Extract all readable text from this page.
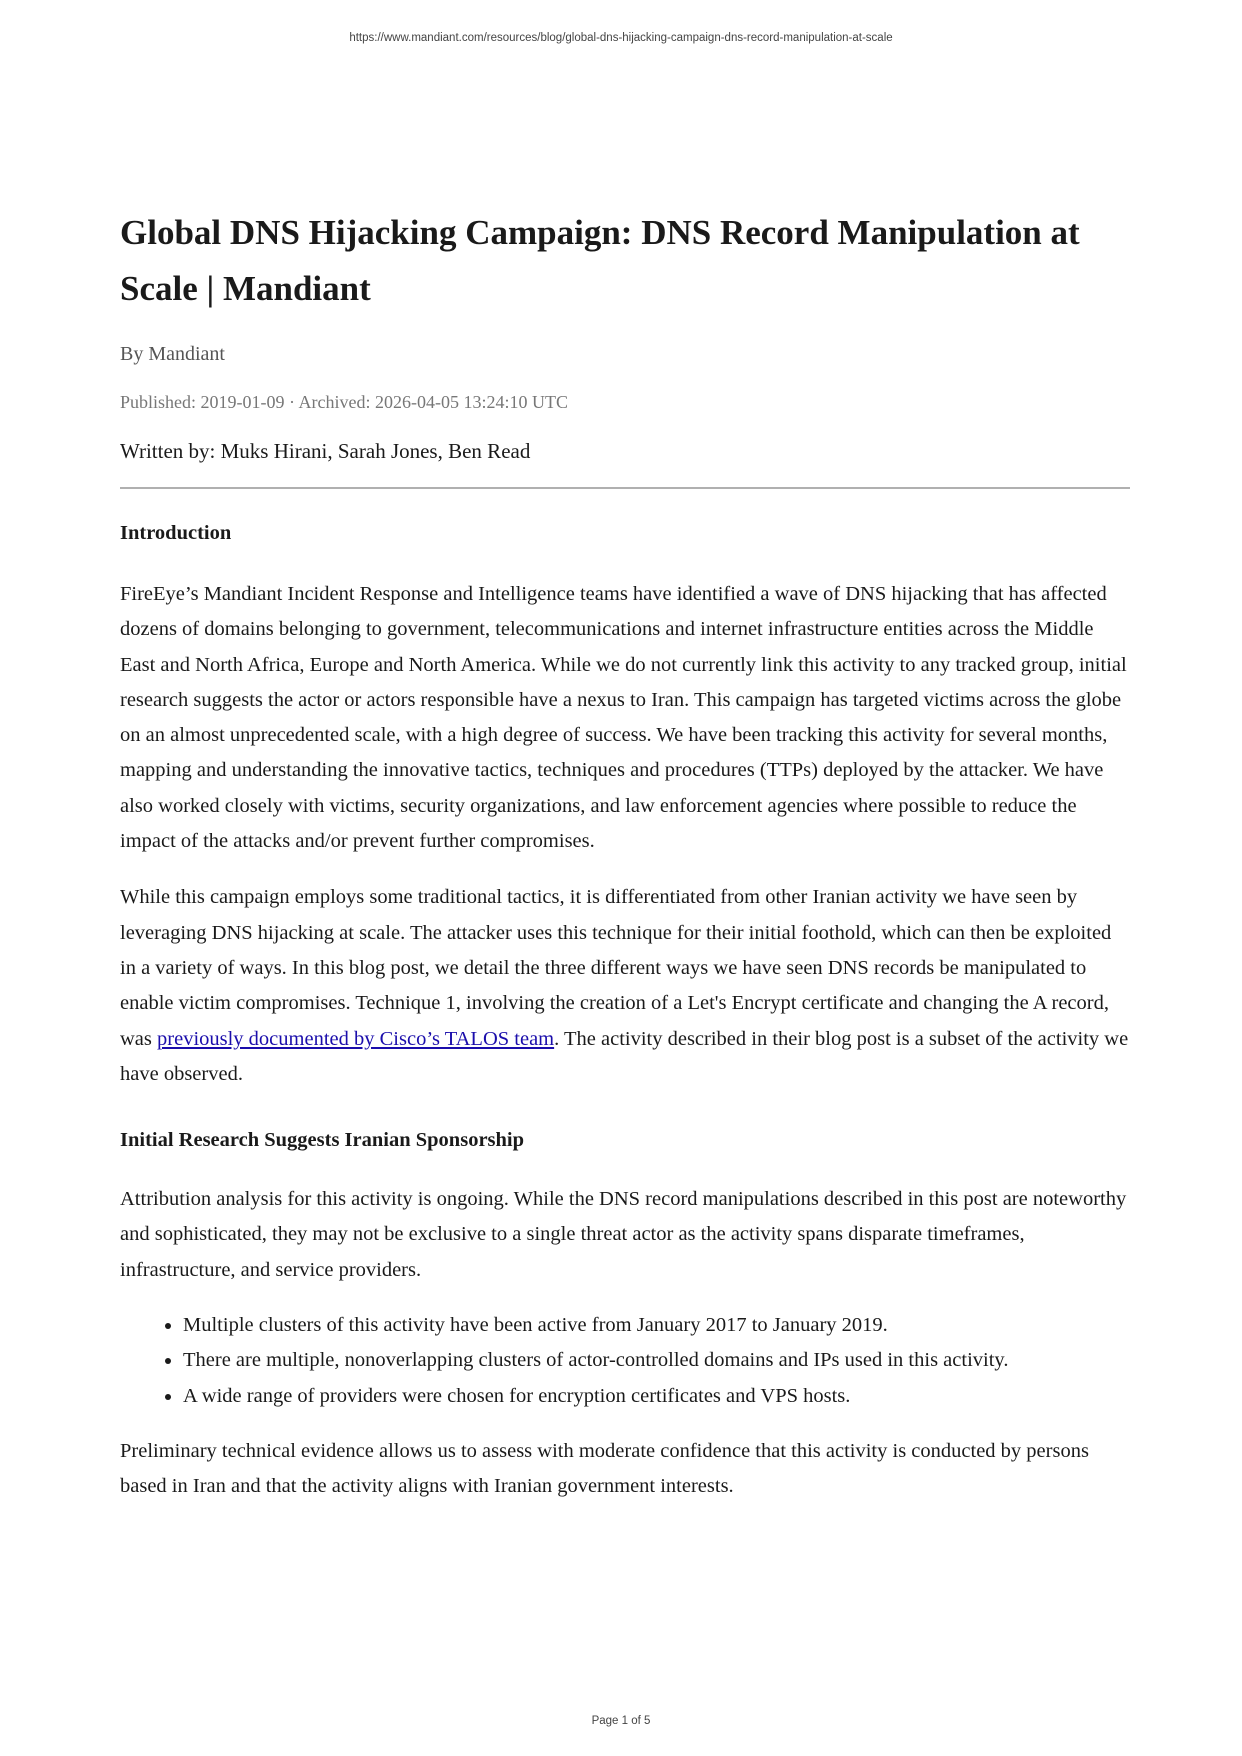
https://www.mandiant.com/resources/blog/global-dns-hijacking-campaign-dns-record-manipulation-at-scale
Global DNS Hijacking Campaign: DNS Record Manipulation at Scale | Mandiant
By Mandiant
Published: 2019-01-09 · Archived: 2026-04-05 13:24:10 UTC
Written by: Muks Hirani, Sarah Jones, Ben Read
Introduction

FireEye’s Mandiant Incident Response and Intelligence teams have identified a wave of DNS hijacking that has affected dozens of domains belonging to government, telecommunications and internet infrastructure entities across the Middle East and North Africa, Europe and North America. While we do not currently link this activity to any tracked group, initial research suggests the actor or actors responsible have a nexus to Iran. This campaign has targeted victims across the globe on an almost unprecedented scale, with a high degree of success. We have been tracking this activity for several months, mapping and understanding the innovative tactics, techniques and procedures (TTPs) deployed by the attacker. We have also worked closely with victims, security organizations, and law enforcement agencies where possible to reduce the impact of the attacks and/or prevent further compromises.

While this campaign employs some traditional tactics, it is differentiated from other Iranian activity we have seen by leveraging DNS hijacking at scale. The attacker uses this technique for their initial foothold, which can then be exploited in a variety of ways. In this blog post, we detail the three different ways we have seen DNS records be manipulated to enable victim compromises. Technique 1, involving the creation of a Let's Encrypt certificate and changing the A record, was previously documented by Cisco’s TALOS team. The activity described in their blog post is a subset of the activity we have observed.

Initial Research Suggests Iranian Sponsorship

Attribution analysis for this activity is ongoing. While the DNS record manipulations described in this post are noteworthy and sophisticated, they may not be exclusive to a single threat actor as the activity spans disparate timeframes, infrastructure, and service providers.

• Multiple clusters of this activity have been active from January 2017 to January 2019.
• There are multiple, nonoverlapping clusters of actor-controlled domains and IPs used in this activity.
• A wide range of providers were chosen for encryption certificates and VPS hosts.

Preliminary technical evidence allows us to assess with moderate confidence that this activity is conducted by persons based in Iran and that the activity aligns with Iranian government interests.

Page 1 of 5
